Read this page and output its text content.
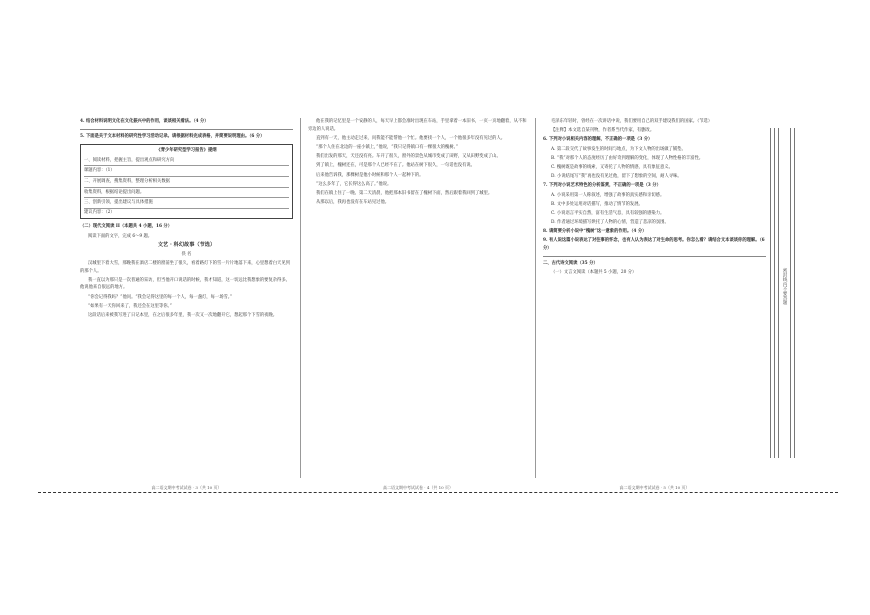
4. 结合材料说明文化在文化振兴中的作用，谈谈相关看法。（4 分）

5. 下面是关于文本材料的研究性学习活动记录。请根据材料完成表格，并简要说明理由。（6 分）

《青少年研究型学习报告》提纲
一、阅读材料，把握主旨，提出观点和研究方向
课题内容：（1）
二、开展调查，搜集资料，整理分析相关数据
收集资料，根据结论提出问题。
三、创新引领，提出建议与具体措施
建议内容：（2）

（二）现代文阅读 II（本题共 4 小题，16 分）

阅读下面的文字，完成 6～9 题。

文艺 · 科幻故事（节选）

佚 名

汉城里下着大雪，那晚我在酒店二楼的窗前坐了很久，看着路灯下的雪一片片地落下来，心里想着白天见到的那个人。

我一直以为那只是一次普通的采访，但当他开口说话的时候，我才知道，这一切远比我想象的要复杂得多。他说他来自很远的地方。

“你会记得我吗？”他问。“我会记得这里的每一个人，每一盏灯，每一场雪。”

“如果有一天你回来了，我还会在这里等你。”

这段话后来被我写进了日记本里，在之后很多年里，我一次又一次地翻开它，想起那个下雪的夜晚。

高二语文期中考试试卷 · 3（共 10 页）

他在我的记忆里是一个安静的人，每天早上都会准时出现在车站，手里拿着一本旧书，一页一页地翻着，从不和旁边的人说话。

直到有一天，他主动走过来，问我能不能帮他一个忙。他要找一个人，一个他很多年没有见过的人。

“那个人住在北边的一座小镇上，”他说，“我只记得镇口有一棵很大的槐树。”

我们出发的那天，天还没有亮。车开了很久，窗外的景色从城市变成了田野，又从田野变成了山。

到了镇上，槐树还在，可是那个人已经不在了。他站在树下很久，一句话也没有说。

后来他告诉我，那棵树是他小时候和那个人一起种下的。

“这么多年了，它长得这么高了。”他说。

我们在镇上住了一晚。第二天清晨，他把那本旧书留在了槐树下面，然后跟着我回到了城里。

从那以后，我再也没有在车站见过他。

高二语文期中考试试卷 · 4（共 10 页）

毛泽东年轻时，曾经在一次讲话中说，我们要用自己的双手建设我们的国家。（节选）

【注释】本文选自某刊物，作者系当代作家，有删改。

6. 下列对小说相关内容的理解，不正确的一项是（3 分）

A. 第二段交代了故事发生的时间与地点，为下文人物的出场做了铺垫。

B. “我”对那个人的态度经历了由好奇到理解的变化，体现了人物性格的丰富性。

C. 槐树既是故事的线索，又寄托了人物的情感，具有象征意义。

D. 小说结尾写“我”再也没有见过他，留下了想象的空间，耐人寻味。

7. 下列对小说艺术特色的分析鉴赏，不正确的一项是（3 分）

A. 小说采用第一人称叙述，增强了故事的真实感和亲切感。

B. 文中多处运用对话描写，推动了情节的发展。

C. 小说语言平实自然，富有生活气息，具有较强的感染力。

D. 作者通过环境描写烘托了人物的心情，营造了悲凉的氛围。

8. 请简要分析小说中“槐树”这一意象的作用。（4 分）

9. 有人说这篇小说表达了对往事的怀念，也有人认为表达了对生命的思考。你怎么看？请结合文本谈谈你的理解。（6 分）

二、古代诗文阅读（35 分）

（一）文言文阅读（本题共 5 小题，20 分）

高二语文期中考试试卷 · 5（共 10 页）
密封线内不要答题
